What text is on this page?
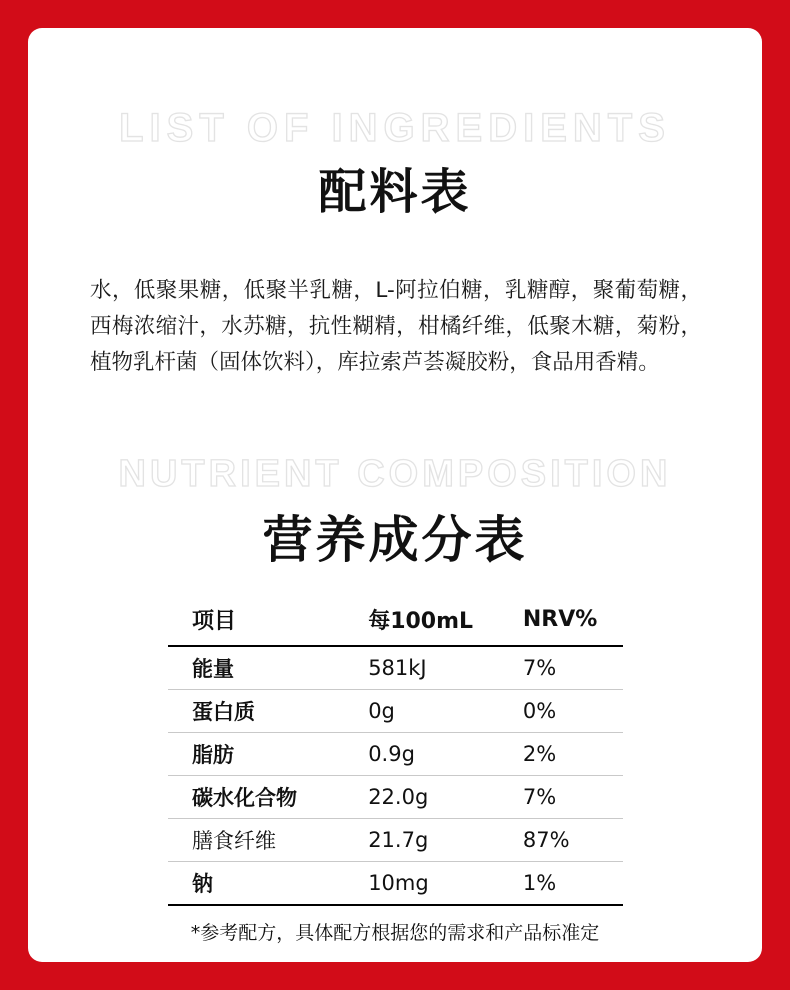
LIST OF INGREDIENTS
配料表
水，低聚果糖，低聚半乳糖，L-阿拉伯糖，乳糖醇，聚葡萄糖，西梅浓缩汁，水苏糖，抗性糊精，柑橘纤维，低聚木糖，菊粉，植物乳杆菌（固体饮料），库拉索芦荟凝胶粉，食品用香精。
NUTRIENT COMPOSITION
营养成分表
项目	每100mL	NRV%
能量	581kJ	7%
蛋白质	0g	0%
脂肪	0.9g	2%
碳水化合物	22.0g	7%
膳食纤维	21.7g	87%
钠	10mg	1%
*参考配方，具体配方根据您的需求和产品标准定
